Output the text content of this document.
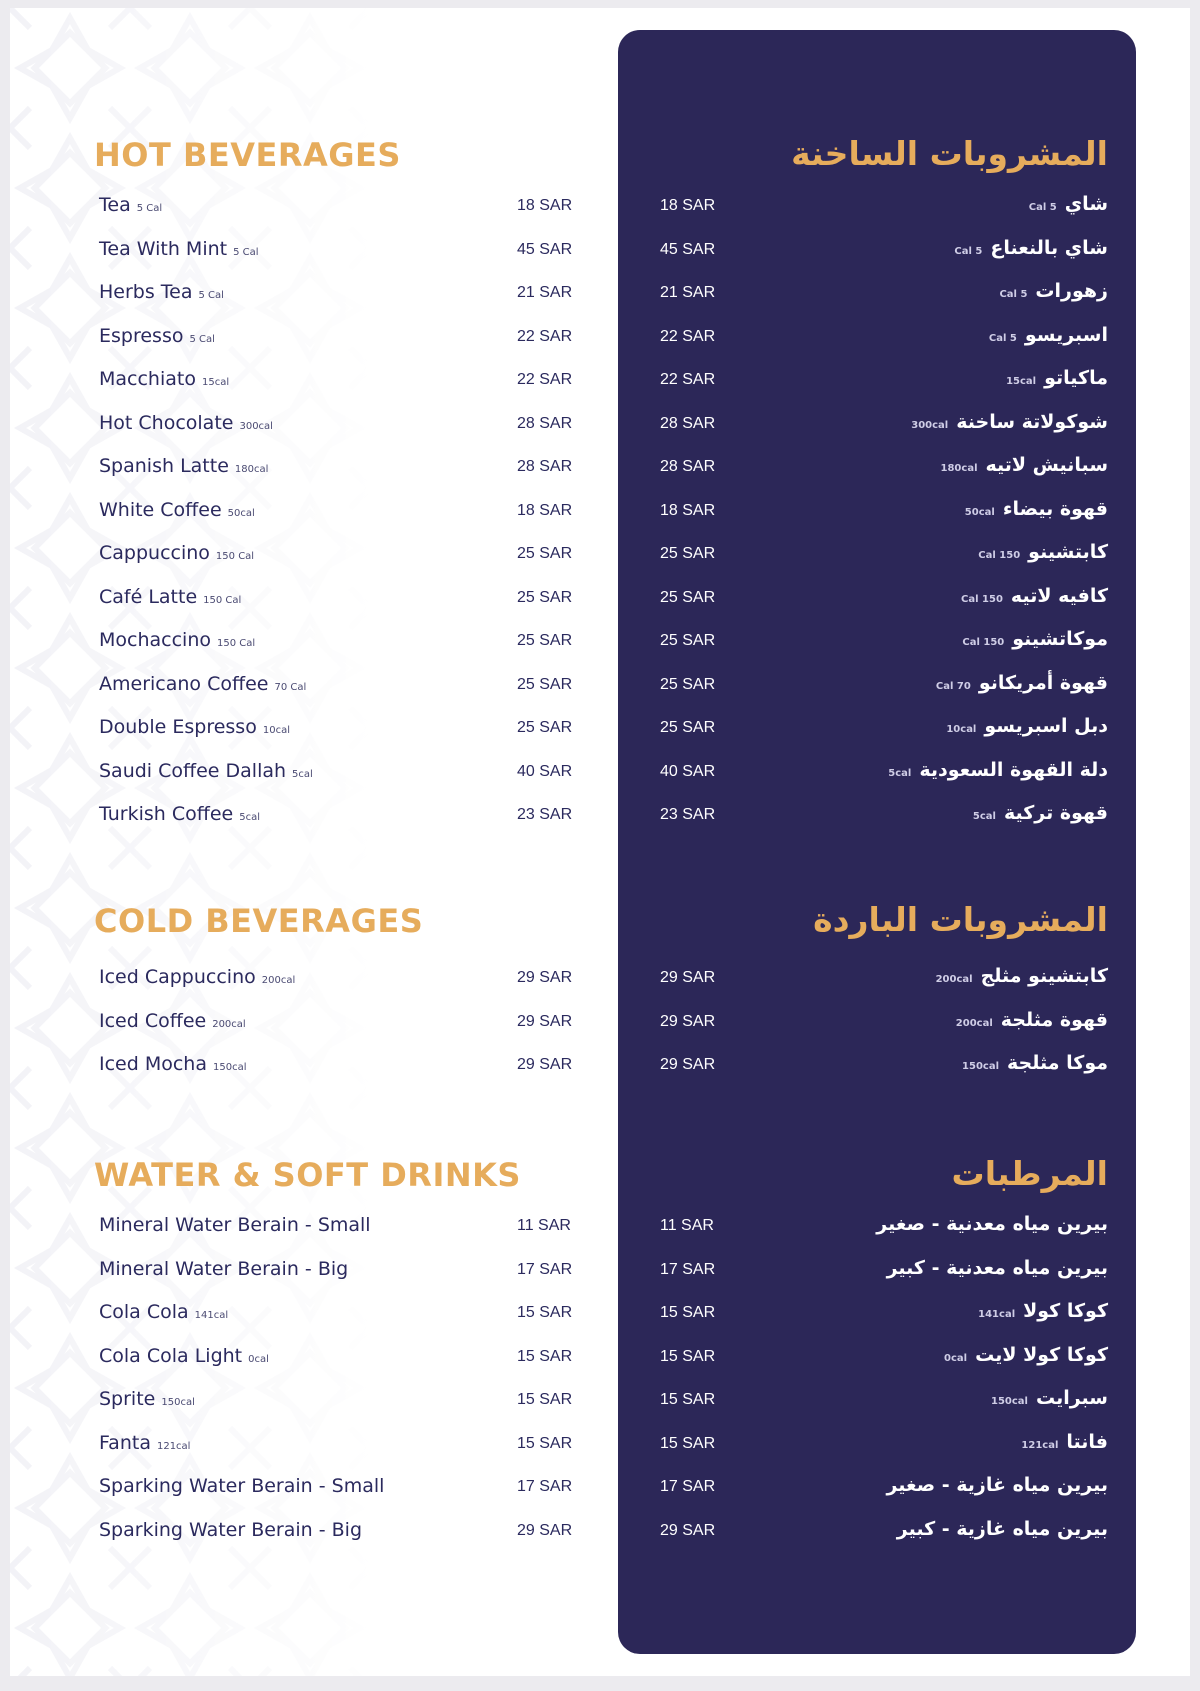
HOT BEVERAGES	المشروبات الساخنة
Tea 5 Cal	18 SAR	18 SAR	شاي5 Cal
Tea With Mint 5 Cal	45 SAR	45 SAR	شاي بالنعناع5 Cal
Herbs Tea 5 Cal	21 SAR	21 SAR	زهورات5 Cal
Espresso 5 Cal	22 SAR	22 SAR	اسبريسو5 Cal
Macchiato 15cal	22 SAR	22 SAR	ماكياتو15cal
Hot Chocolate 300cal	28 SAR	28 SAR	شوكولاتة ساخنة300cal
Spanish Latte 180cal	28 SAR	28 SAR	سبانيش لاتيه180cal
White Coffee 50cal	18 SAR	18 SAR	قهوة بيضاء50cal
Cappuccino 150 Cal	25 SAR	25 SAR	كابتشينو150 Cal
Café Latte 150 Cal	25 SAR	25 SAR	كافيه لاتيه150 Cal
Mochaccino 150 Cal	25 SAR	25 SAR	موكاتشينو150 Cal
Americano Coffee 70 Cal	25 SAR	25 SAR	قهوة أمريكانو70 Cal
Double Espresso 10cal	25 SAR	25 SAR	دبل اسبريسو10cal
Saudi Coffee Dallah 5cal	40 SAR	40 SAR	دلة القهوة السعودية5cal
Turkish Coffee 5cal	23 SAR	23 SAR	قهوة تركية5cal
COLD BEVERAGES	المشروبات الباردة
Iced Cappuccino 200cal	29 SAR	29 SAR	كابتشينو مثلج200cal
Iced Coffee 200cal	29 SAR	29 SAR	قهوة مثلجة200cal
Iced Mocha 150cal	29 SAR	29 SAR	موكا مثلجة150cal
WATER & SOFT DRINKS	المرطبات
Mineral Water Berain - Small	11 SAR	11 SAR	بيرين مياه معدنية - صغير
Mineral Water Berain - Big	17 SAR	17 SAR	بيرين مياه معدنية - كبير
Cola Cola 141cal	15 SAR	15 SAR	كوكا كولا141cal
Cola Cola Light 0cal	15 SAR	15 SAR	كوكا كولا لايت0cal
Sprite 150cal	15 SAR	15 SAR	سبرايت150cal
Fanta 121cal	15 SAR	15 SAR	فانتا121cal
Sparking Water Berain - Small	17 SAR	17 SAR	بيرين مياه غازية - صغير
Sparking Water Berain - Big	29 SAR	29 SAR	بيرين مياه غازية - كبير
